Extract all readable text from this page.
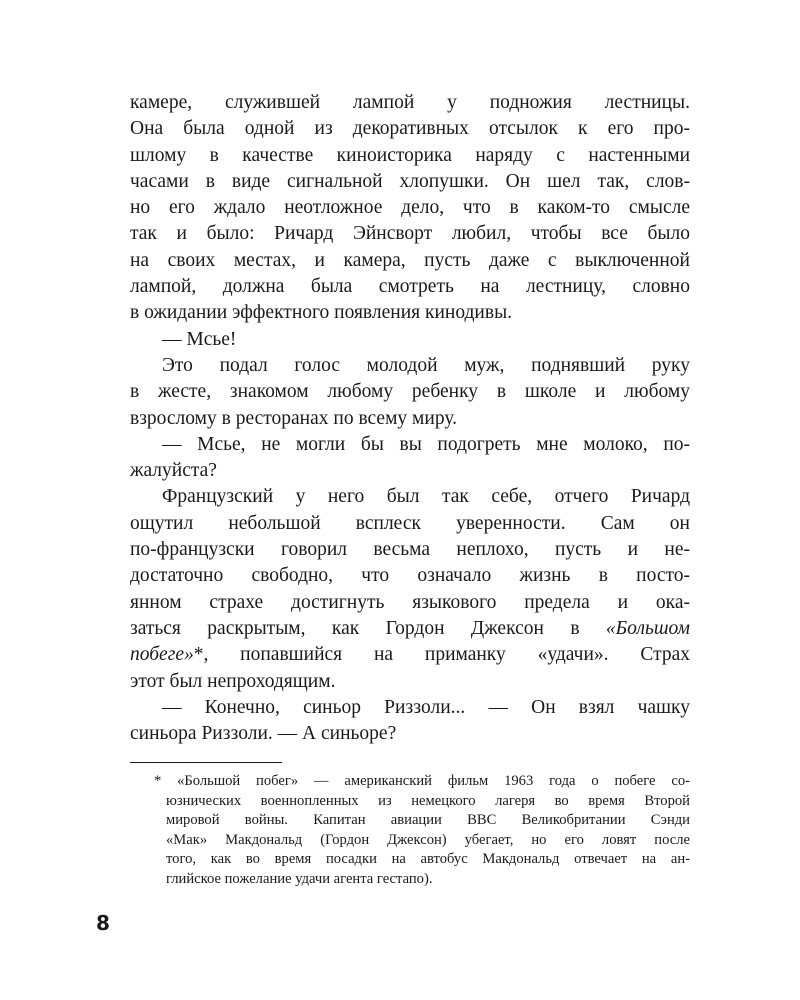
камере, служившей лампой у подножия лестницы.
Она была одной из декоративных отсылок к его про-
шлому в качестве киноисторика наряду с настенными
часами в виде сигнальной хлопушки. Он шел так, слов-
но его ждало неотложное дело, что в каком-то смысле
так и было: Ричард Эйнсворт любил, чтобы все было
на своих местах, и камера, пусть даже с выключенной
лампой, должна была смотреть на лестницу, словно
в ожидании эффектного появления кинодивы.
— Мсье!
Это подал голос молодой муж, поднявший руку
в жесте, знакомом любому ребенку в школе и любому
взрослому в ресторанах по всему миру.
— Мсье, не могли бы вы подогреть мне молоко, по-
жалуйста?
Французский у него был так себе, отчего Ричард
ощутил небольшой всплеск уверенности. Сам он
по-французски говорил весьма неплохо, пусть и не-
достаточно свободно, что означало жизнь в посто-
янном страхе достигнуть языкового предела и ока-
заться раскрытым, как Гордон Джексон в «Большом
побеге»*, попавшийся на приманку «удачи». Страх
этот был непроходящим.
— Конечно, синьор Риззоли... — Он взял чашку
синьора Риззоли. — А синьоре?
* «Большой побег» — американский фильм 1963 года о побеге со-
юзнических военнопленных из немецкого лагеря во время Второй
мировой войны. Капитан авиации ВВС Великобритании Сэнди
«Мак» Макдональд (Гордон Джексон) убегает, но его ловят после
того, как во время посадки на автобус Макдональд отвечает на ан-
глийское пожелание удачи агента гестапо).
8
